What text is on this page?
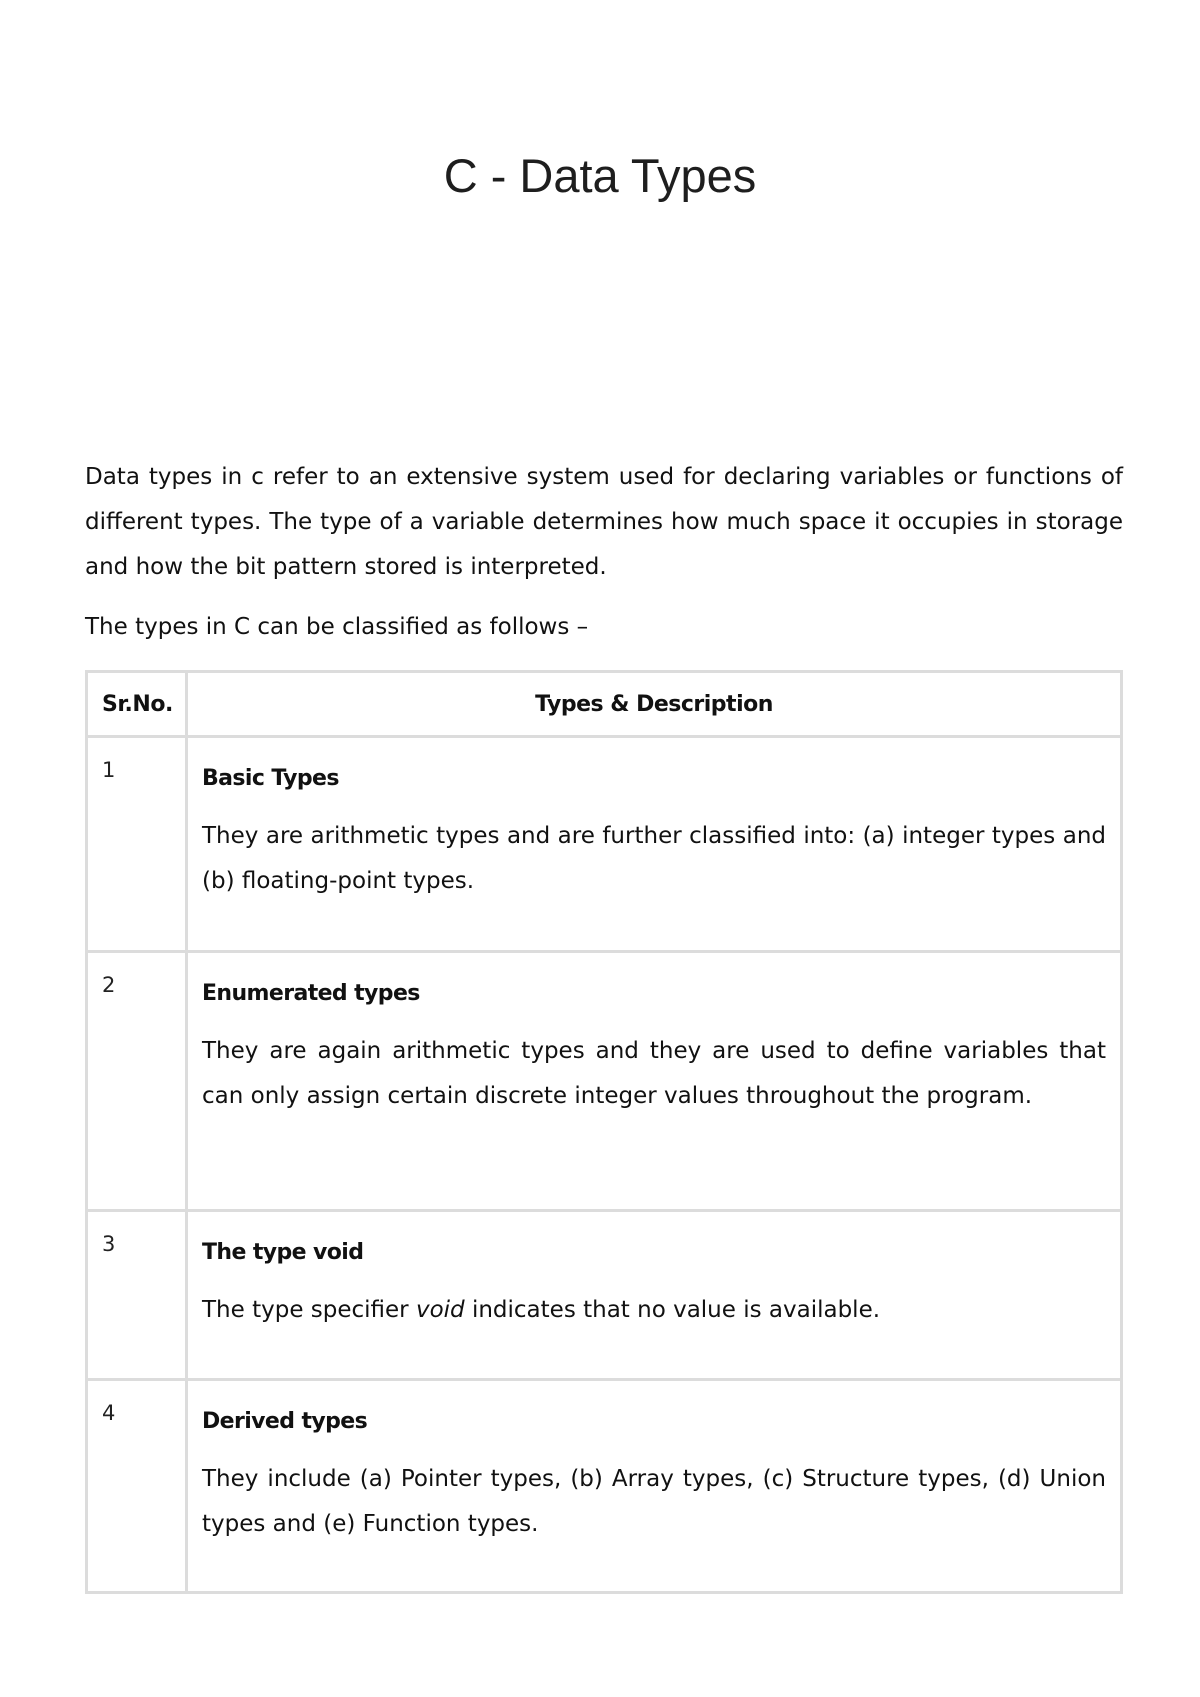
C - Data Types

Data types in c refer to an extensive system used for declaring variables or functions of different types. The type of a variable determines how much space it occupies in storage and how the bit pattern stored is interpreted.

The types in C can be classified as follows –

Sr.No.	Types & Description
1	Basic Types

They are arithmetic types and are further classified into: (a) integer types and (b) floating-point types.

2	Enumerated types

They are again arithmetic types and they are used to define variables that can only assign certain discrete integer values throughout the program.

3	The type void

The type specifier void indicates that no value is available.

4	Derived types

They include (a) Pointer types, (b) Array types, (c) Structure types, (d) Union types and (e) Function types.
